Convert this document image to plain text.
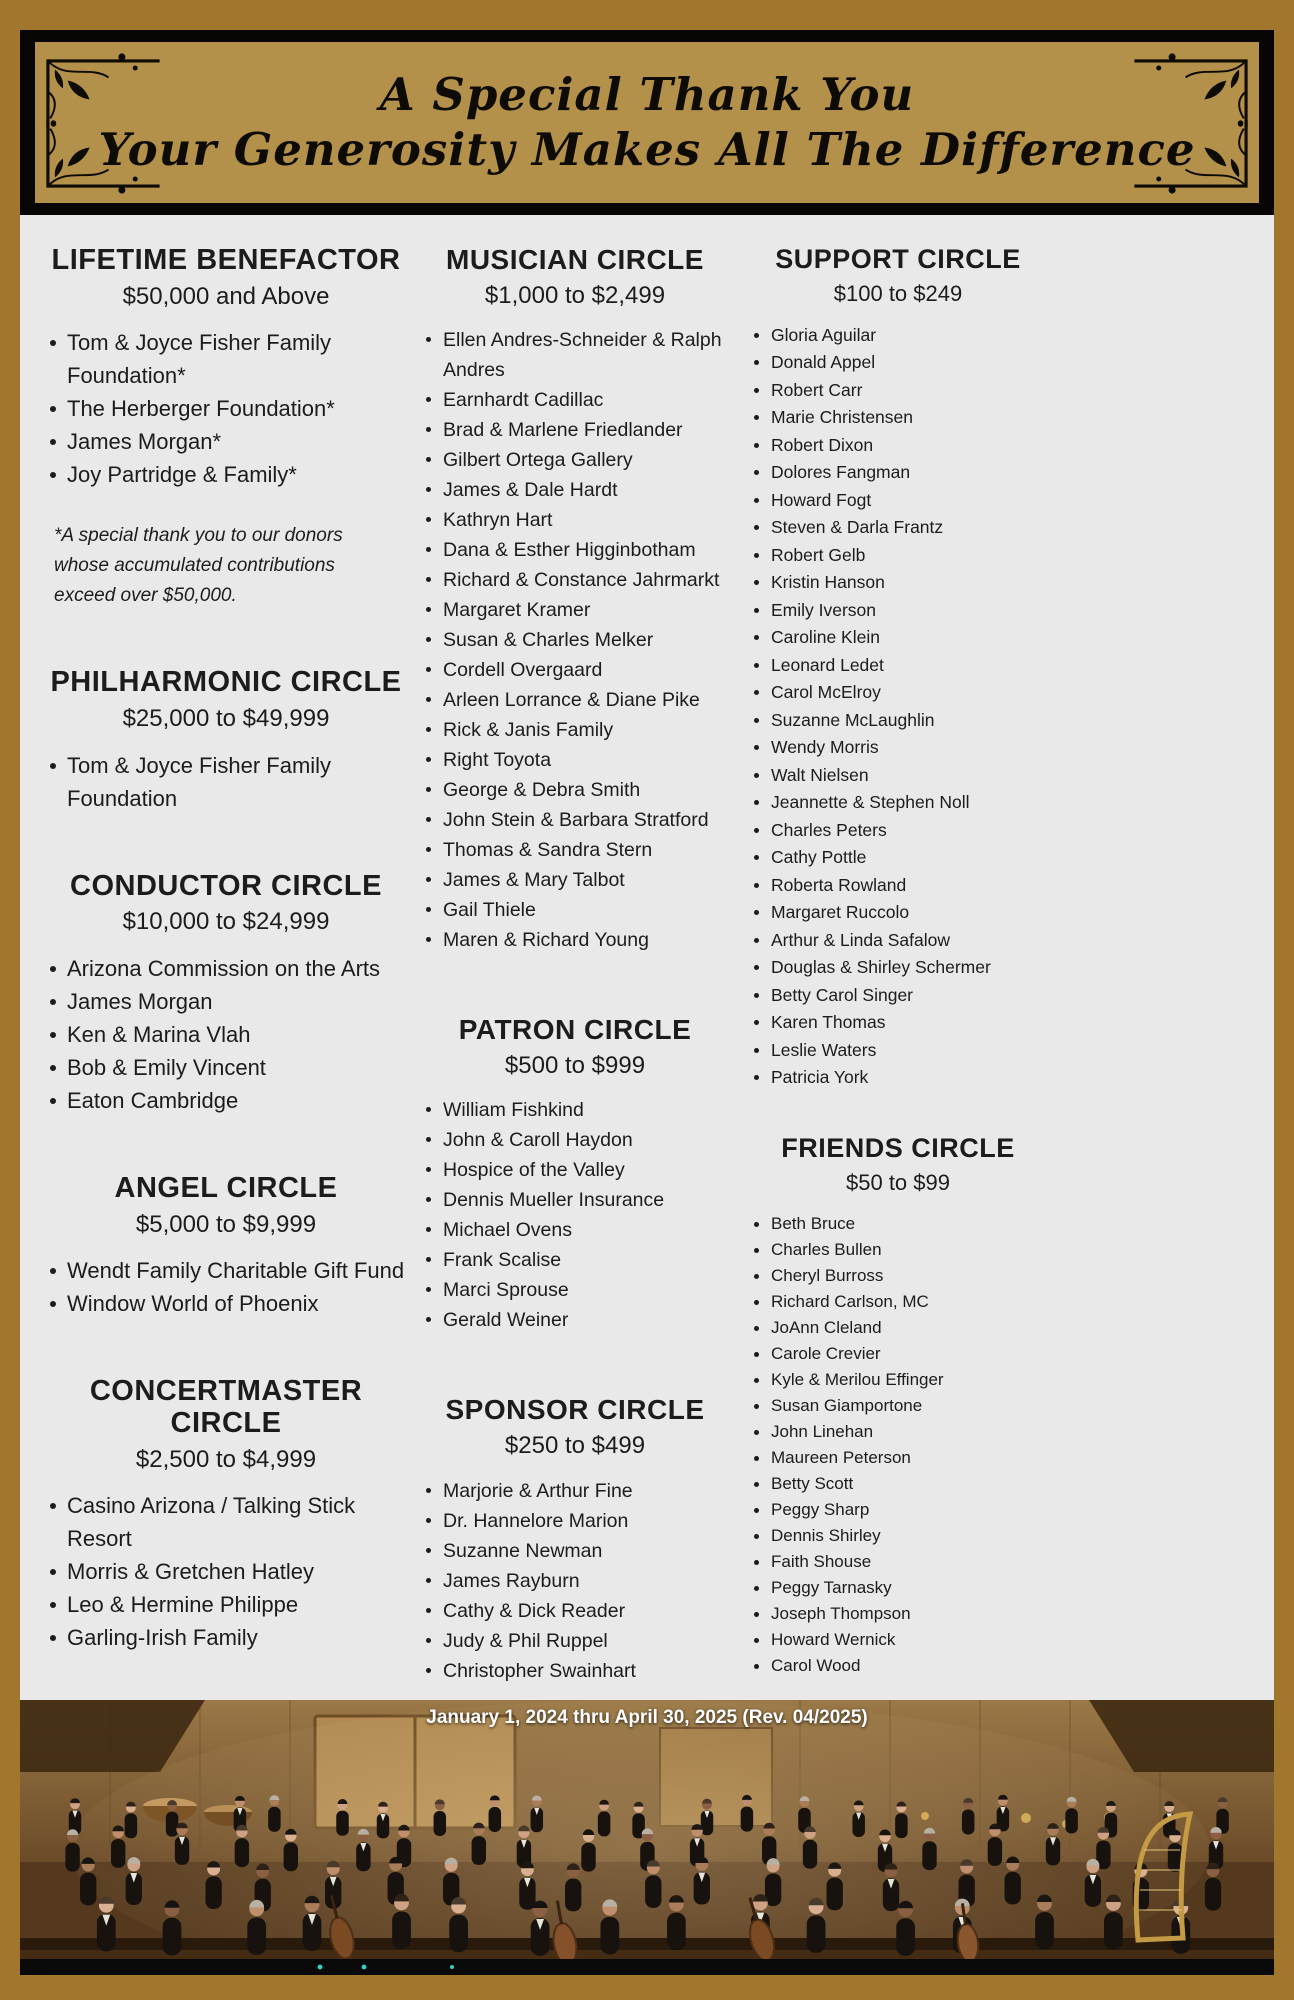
A Special Thank You
Your Generosity Makes All The Difference
LIFETIME BENEFACTOR
$50,000 and Above
Tom & Joyce Fisher Family Foundation*
The Herberger Foundation*
James Morgan*
Joy Partridge & Family*
*A special thank you to our donors whose accumulated contributions exceed over $50,000.
PHILHARMONIC CIRCLE
$25,000 to $49,999
Tom & Joyce Fisher Family Foundation
CONDUCTOR CIRCLE
$10,000 to $24,999
Arizona Commission on the Arts
James Morgan
Ken & Marina Vlah
Bob & Emily Vincent
Eaton Cambridge
ANGEL CIRCLE
$5,000 to $9,999
Wendt Family Charitable Gift Fund
Window World of Phoenix
CONCERTMASTER CIRCLE
$2,500 to $4,999
Casino Arizona / Talking Stick Resort
Morris & Gretchen Hatley
Leo & Hermine Philippe
Garling-Irish Family
MUSICIAN CIRCLE
$1,000 to $2,499
Ellen Andres-Schneider & Ralph Andres
Earnhardt Cadillac
Brad & Marlene Friedlander
Gilbert Ortega Gallery
James & Dale Hardt
Kathryn Hart
Dana & Esther Higginbotham
Richard & Constance Jahrmarkt
Margaret Kramer
Susan & Charles Melker
Cordell Overgaard
Arleen Lorrance & Diane Pike
Rick & Janis Family
Right Toyota
George & Debra Smith
John Stein & Barbara Stratford
Thomas & Sandra Stern
James & Mary Talbot
Gail Thiele
Maren & Richard Young
PATRON CIRCLE
$500 to $999
William Fishkind
John & Caroll Haydon
Hospice of the Valley
Dennis Mueller Insurance
Michael Ovens
Frank Scalise
Marci Sprouse
Gerald Weiner
SPONSOR CIRCLE
$250 to $499
Marjorie & Arthur Fine
Dr. Hannelore Marion
Suzanne Newman
James Rayburn
Cathy & Dick Reader
Judy & Phil Ruppel
Christopher Swainhart
SUPPORT CIRCLE
$100 to $249
Gloria Aguilar
Donald Appel
Robert Carr
Marie Christensen
Robert Dixon
Dolores Fangman
Howard Fogt
Steven & Darla Frantz
Robert Gelb
Kristin Hanson
Emily Iverson
Caroline Klein
Leonard Ledet
Carol McElroy
Suzanne McLaughlin
Wendy Morris
Walt Nielsen
Jeannette & Stephen Noll
Charles Peters
Cathy Pottle
Roberta Rowland
Margaret Ruccolo
Arthur & Linda Safalow
Douglas & Shirley Schermer
Betty Carol Singer
Karen Thomas
Leslie Waters
Patricia York
FRIENDS CIRCLE
$50 to $99
Beth Bruce
Charles Bullen
Cheryl Burross
Richard Carlson, MC
JoAnn Cleland
Carole Crevier
Kyle & Merilou Effinger
Susan Giamportone
John Linehan
Maureen Peterson
Betty Scott
Peggy Sharp
Dennis Shirley
Faith Shouse
Peggy Tarnasky
Joseph Thompson
Howard Wernick
Carol Wood
January 1, 2024 thru April 30, 2025 (Rev. 04/2025)
